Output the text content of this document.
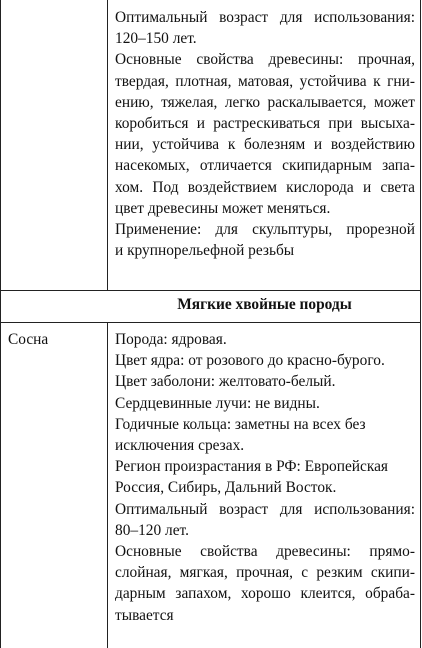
Оптимальный возраст для использования:
120–150 лет.
Основные свойства древесины: прочная,
твердая, плотная, матовая, устойчива к гни-
ению, тяжелая, легко раскалывается, может
коробиться и растрескиваться при высыха-
нии, устойчива к болезням и воздействию
насекомых, отличается скипидарным запа-
хом. Под воздействием кислорода и света
цвет древесины может меняться.
Применение: для скульптуры, прорезной
и крупнорельефной резьбы
Мягкие хвойные породы
Сосна	Порода: ядровая.
Цвет ядра: от розового до красно-бурого.
Цвет заболони: желтовато-белый.
Сердцевинные лучи: не видны.
Годичные кольца: заметны на всех без
исключения срезах.
Регион произрастания в РФ: Европейская
Россия, Сибирь, Дальний Восток.
Оптимальный возраст для использования:
80–120 лет.
Основные свойства древесины: прямо-
слойная, мягкая, прочная, с резким скипи-
дарным запахом, хорошо клеится, обраба-
тывается
